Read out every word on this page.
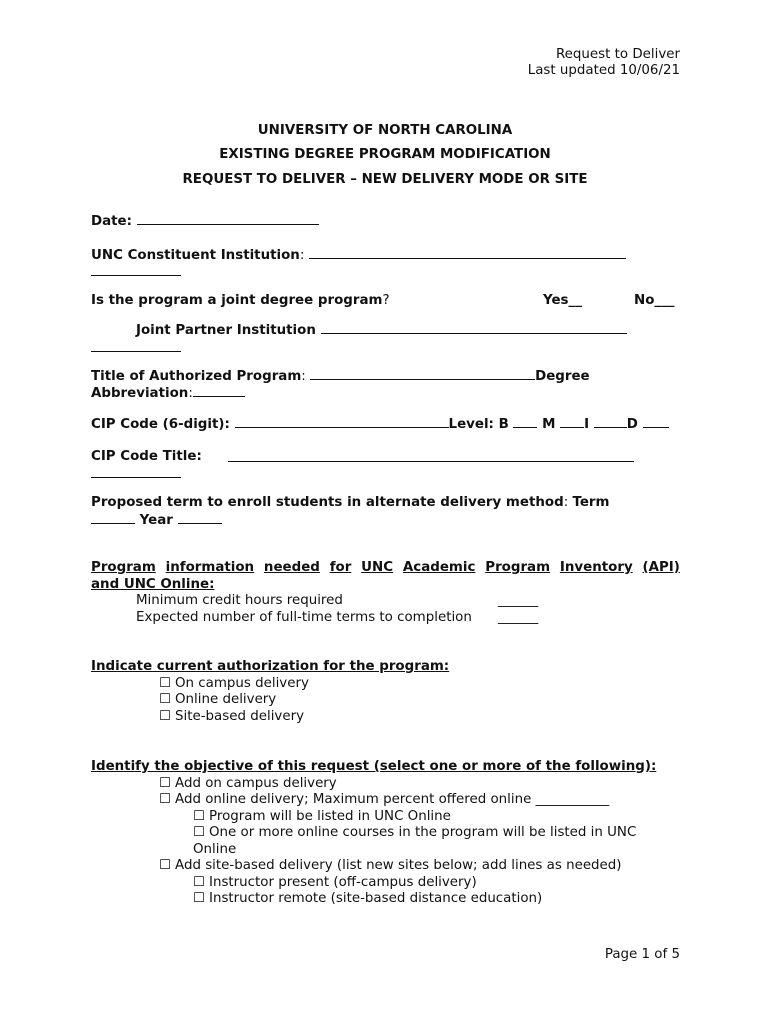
Request to Deliver
Last updated 10/06/21
UNIVERSITY OF NORTH CAROLINA
EXISTING DEGREE PROGRAM MODIFICATION
REQUEST TO DELIVER – NEW DELIVERY MODE OR SITE
Date:
UNC Constituent Institution:
Is the program a joint degree program?	Yes__	No___
Joint Partner Institution
Title of Authorized Program:	Degree
Abbreviation:
CIP Code (6-digit):	Level: B M I	D
CIP Code Title:
Proposed term to enroll students in alternate delivery method: Term
Year
Program information needed for UNC Academic Program Inventory (API)
and UNC Online:
Minimum credit hours required	______
Expected number of full-time terms to completion ______
Indicate current authorization for the program:
☐ On campus delivery
☐ Online delivery
☐ Site-based delivery
Identify the objective of this request (select one or more of the following):
☐ Add on campus delivery
☐ Add online delivery; Maximum percent offered online ___________
☐ Program will be listed in UNC Online
☐ One or more online courses in the program will be listed in UNC
Online
☐ Add site-based delivery (list new sites below; add lines as needed)
☐ Instructor present (off-campus delivery)
☐ Instructor remote (site-based distance education)
Page 1 of 5
